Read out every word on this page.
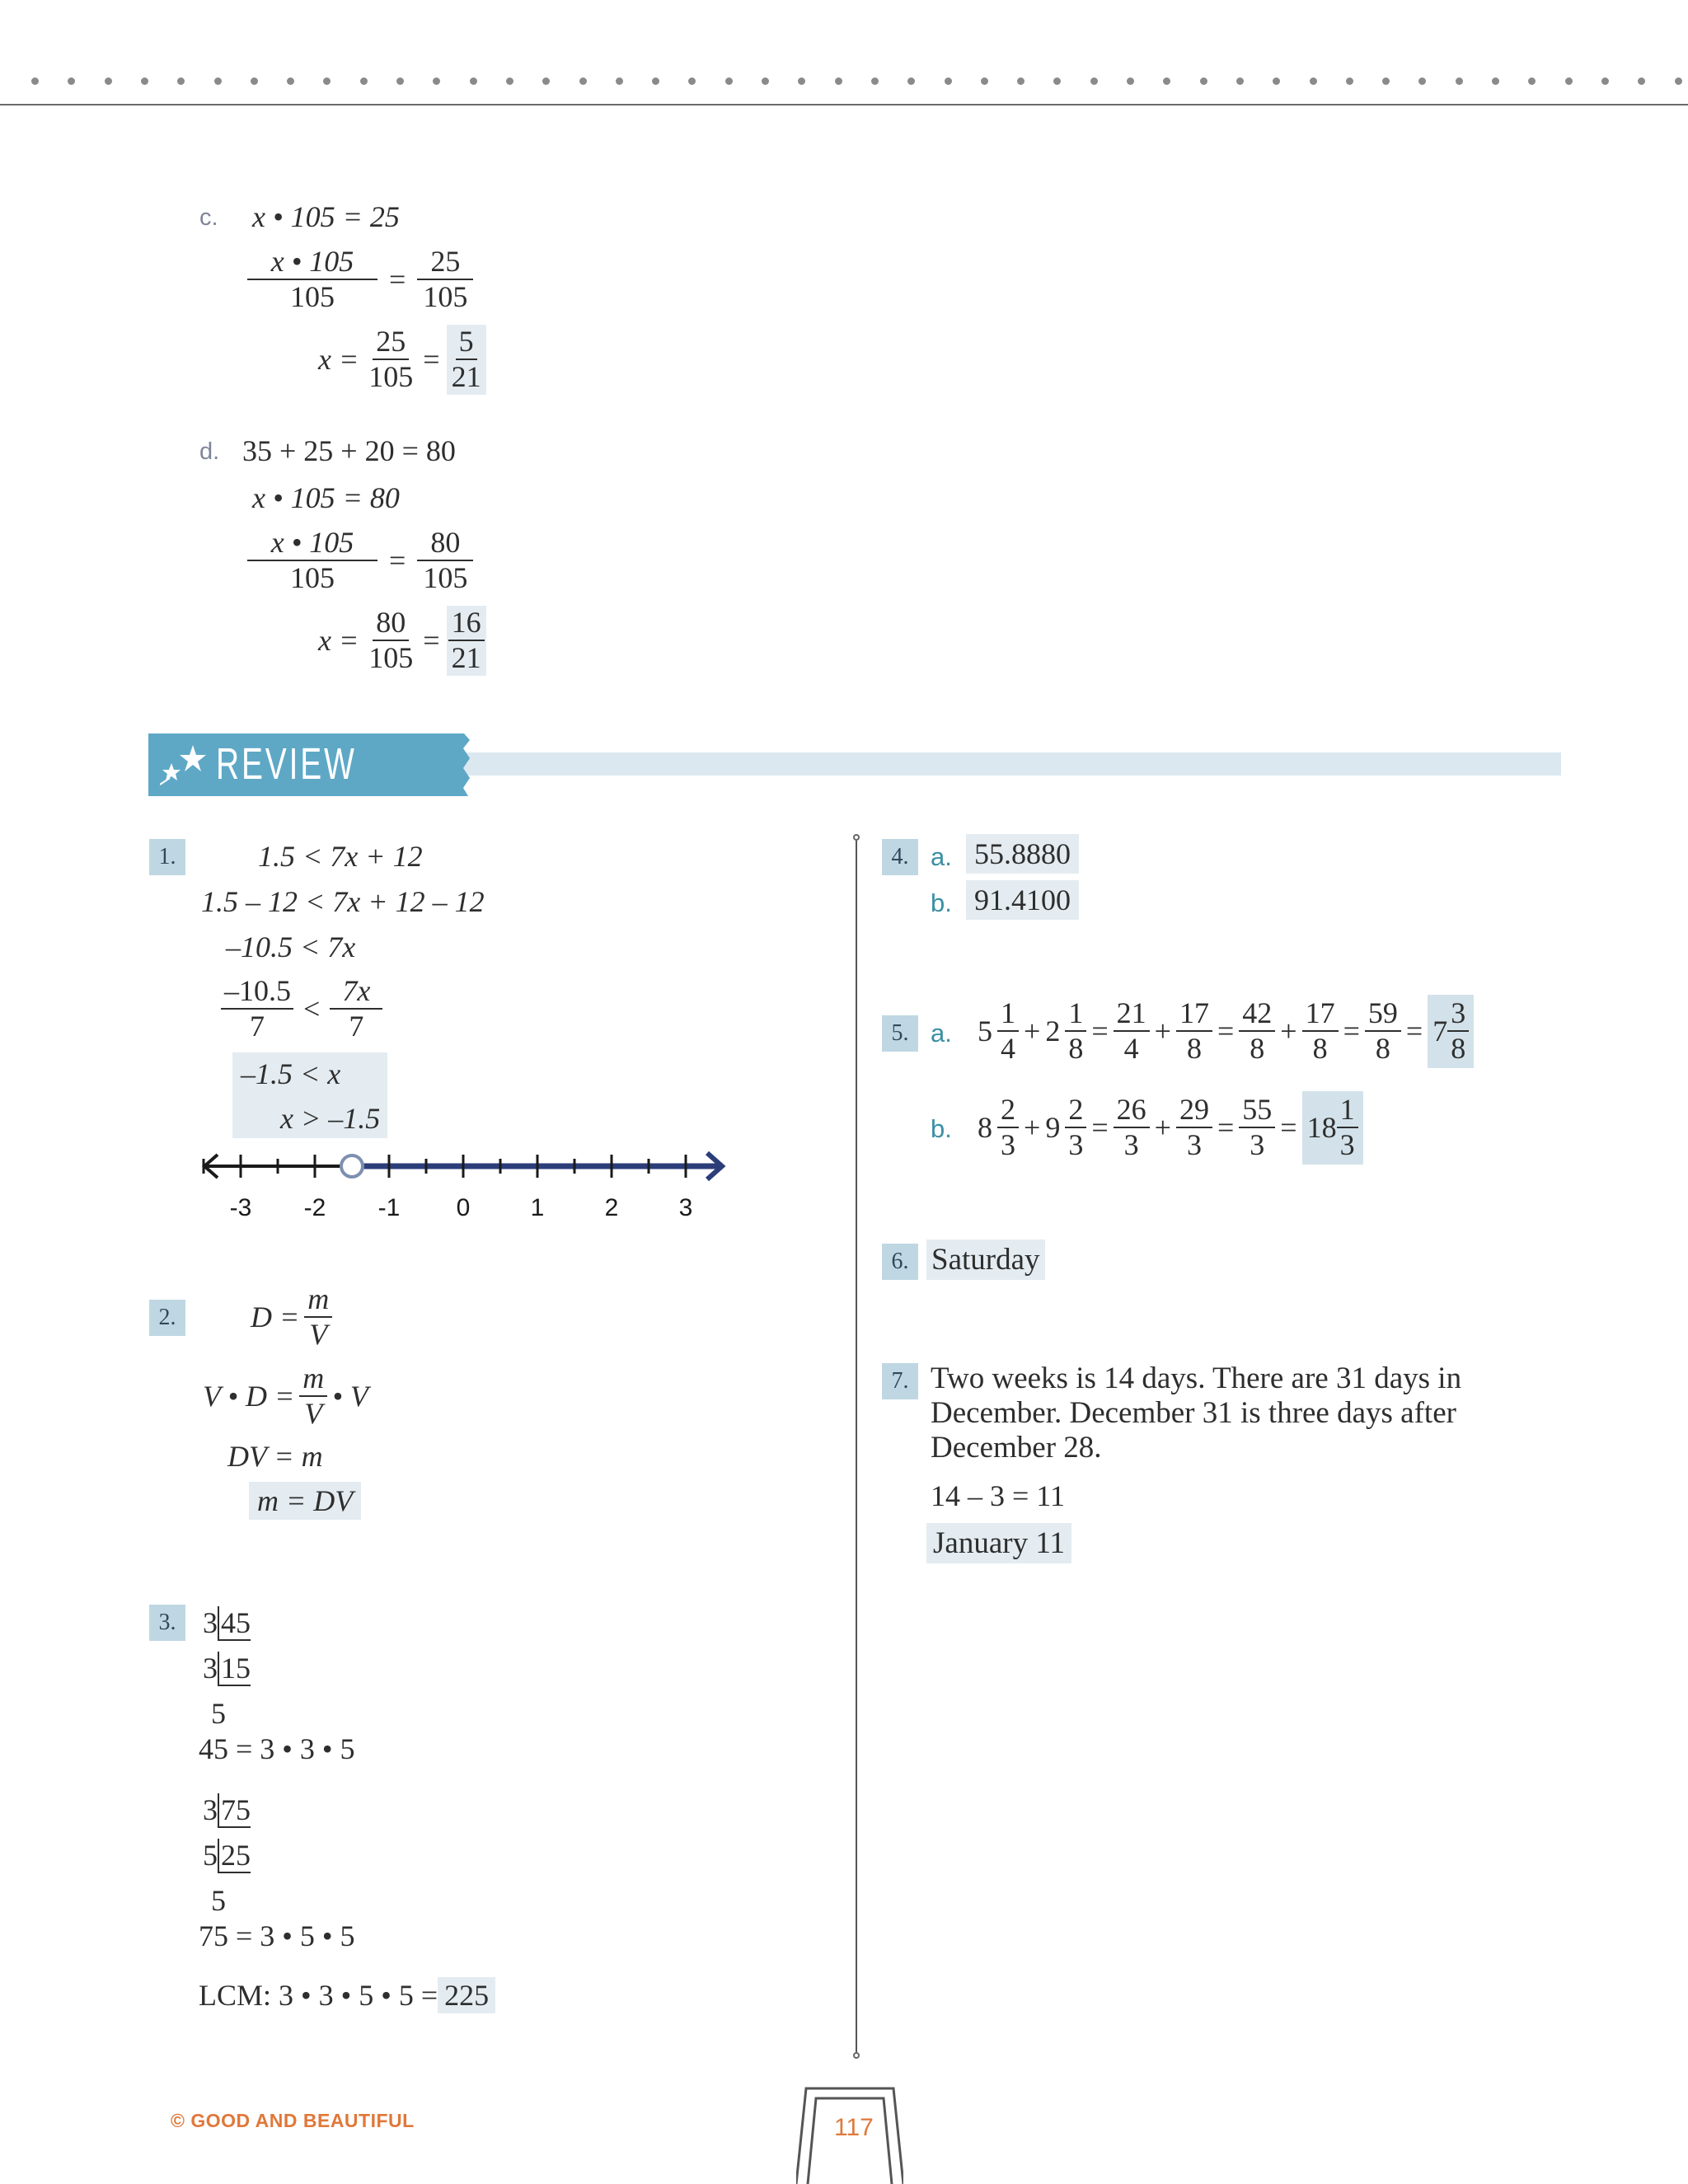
c. x • 105 = 25
$\frac{x • 105}{105} = \frac{25}{105}$
$x = \frac{25}{105} = \frac{5}{21}$
d. 35 + 25 + 20 = 80
x • 105 = 80
$\frac{x • 105}{105} = \frac{80}{105}$
$x = \frac{80}{105} = \frac{16}{21}$
REVIEW
1.	1.5 < 7x + 12
1.5 – 12 < 7x + 12 – 12
–10.5 < 7x
$\frac{-10.5}{7} < \frac{7x}{7}$
–1.5 < x
x > –1.5
-3 -2 -1 0 1 2 3
2.	$D = \frac{m}{V}$
V • $D = \frac{m}{V}$ • V
DV = m
m = DV
3. 3 45
3 15
5
45 = 3 • 3 • 5
3 75
5 25
5
75 = 3 • 5 • 5
LCM: 3 • 3 • 5 • 5 = 225
4. a. 55.8880
b. 91.4100
5. a. $5 \frac{1}{4} + 2 \frac{1}{8} = \frac{21}{4} + \frac{17}{8} = \frac{42}{8} + \frac{17}{8} = \frac{59}{8} = 7 \frac{3}{8}$
b. $8 \frac{2}{3} + 9 \frac{2}{3} = \frac{26}{3} + \frac{29}{3} = \frac{55}{3} = 18 \frac{1}{3}$
6. Saturday
7. Two weeks is 14 days. There are 31 days in
December. December 31 is three days after
December 28.
14 – 3 = 11
January 11
© GOOD AND BEAUTIFUL	117
